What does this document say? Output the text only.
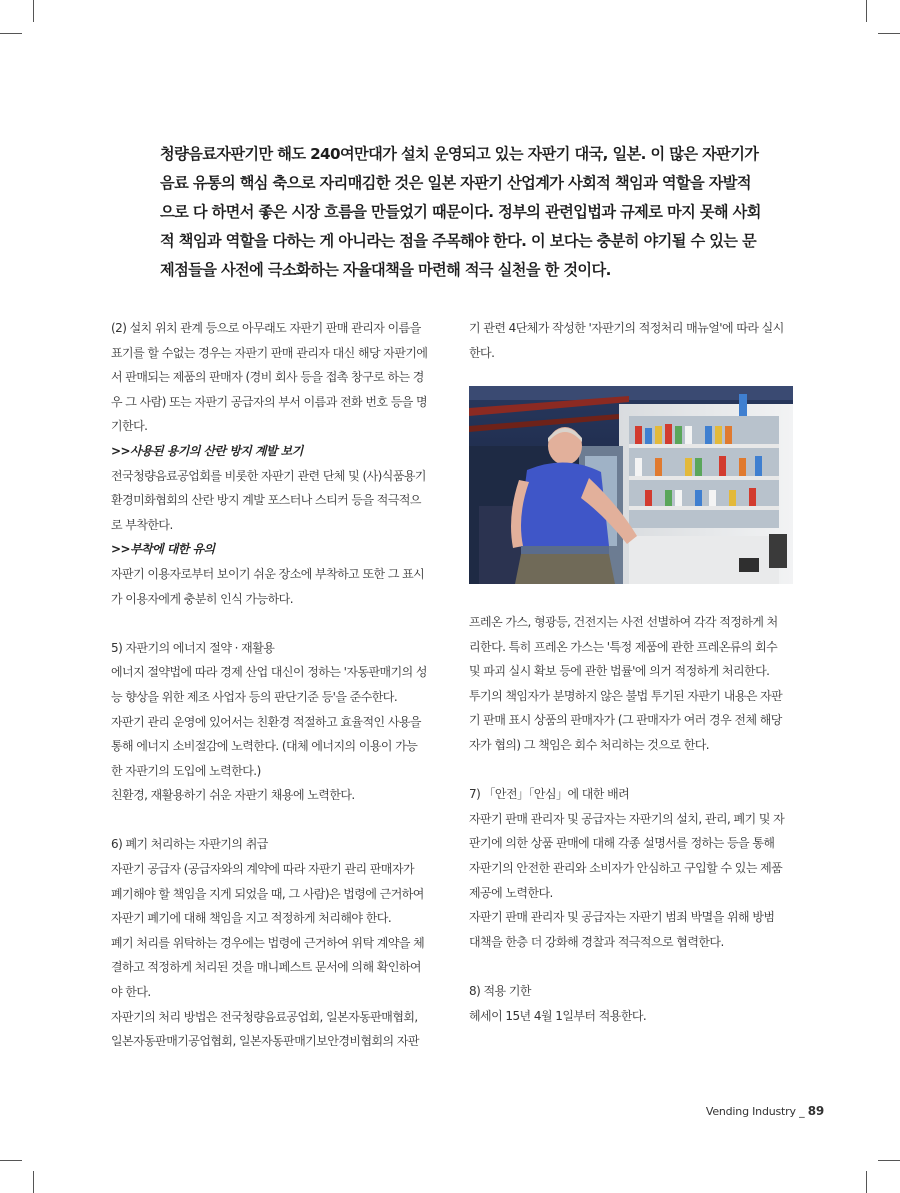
청량음료자판기만 해도 240여만대가 설치 운영되고 있는 자판기 대국, 일본. 이 많은 자판기가

음료 유통의 핵심 축으로 자리매김한 것은 일본 자판기 산업계가 사회적 책임과 역할을 자발적

으로 다 하면서 좋은 시장 흐름을 만들었기 때문이다. 정부의 관련입법과 규제로 마지 못해 사회

적 책임과 역할을 다하는 게 아니라는 점을 주목해야 한다. 이 보다는 충분히 야기될 수 있는 문

제점들을 사전에 극소화하는 자율대책을 마련해 적극 실천을 한 것이다.

(2) 설치 위치 관계 등으로 아무래도 자판기 판매 관리자 이름을

표기를 할 수없는 경우는 자판기 판매 관리자 대신 해당 자판기에

서 판매되는 제품의 판매자 (경비 회사 등을 접촉 창구로 하는 경

우 그 사람) 또는 자판기 공급자의 부서 이름과 전화 번호 등을 명

기한다.

>>사용된 용기의 산란 방지 계발 보기

전국청량음료공업회를 비롯한 자판기 관련 단체 및 (사)식품용기

환경미화협회의 산란 방지 계발 포스터나 스티커 등을 적극적으

로 부착한다.

>>부착에 대한 유의

자판기 이용자로부터 보이기 쉬운 장소에 부착하고 또한 그 표시

가 이용자에게 충분히 인식 가능하다.

5) 자판기의 에너지 절약 · 재활용

에너지 절약법에 따라 경제 산업 대신이 정하는 '자동판매기의 성

능 향상을 위한 제조 사업자 등의 판단기준 등'을 준수한다.

자판기 관리 운영에 있어서는 친환경 적절하고 효율적인 사용을

통해 에너지 소비절감에 노력한다. (대체 에너지의 이용이 가능

한 자판기의 도입에 노력한다.)

친환경, 재활용하기 쉬운 자판기 채용에 노력한다.

6) 폐기 처리하는 자판기의 취급

자판기 공급자 (공급자와의 계약에 따라 자판기 관리 판매자가

폐기해야 할 책임을 지게 되었을 때, 그 사람)은 법령에 근거하여

자판기 폐기에 대해 책임을 지고 적정하게 처리해야 한다.

폐기 처리를 위탁하는 경우에는 법령에 근거하여 위탁 계약을 체

결하고 적정하게 처리된 것을 매니페스트 문서에 의해 확인하여

야 한다.

자판기의 처리 방법은 전국청량음료공업회, 일본자동판매협회,

일본자동판매기공업협회, 일본자동판매기보안경비협회의 자판

기 관련 4단체가 작성한 '자판기의 적정처리 매뉴얼'에 따라 실시

한다.

프레온 가스, 형광등, 건전지는 사전 선별하여 각각 적정하게 처

리한다. 특히 프레온 가스는 '특정 제품에 관한 프레온류의 회수

및 파괴 실시 확보 등에 관한 법률'에 의거 적정하게 처리한다.

투기의 책임자가 분명하지 않은 불법 투기된 자판기 내용은 자판

기 판매 표시 상품의 판매자가 (그 판매자가 여러 경우 전체 해당

자가 협의) 그 책임은 회수 처리하는 것으로 한다.

7) 「안전」「안심」에 대한 배려

자판기 판매 관리자 및 공급자는 자판기의 설치, 관리, 폐기 및 자

판기에 의한 상품 판매에 대해 각종 설명서를 정하는 등을 통해

자판기의 안전한 관리와 소비자가 안심하고 구입할 수 있는 제품

제공에 노력한다.

자판기 판매 관리자 및 공급자는 자판기 범죄 박멸을 위해 방범

대책을 한층 더 강화해 경찰과 적극적으로 협력한다.

8) 적용 기한

헤세이 15년 4월 1일부터 적용한다.

Vending Industry _ 89
